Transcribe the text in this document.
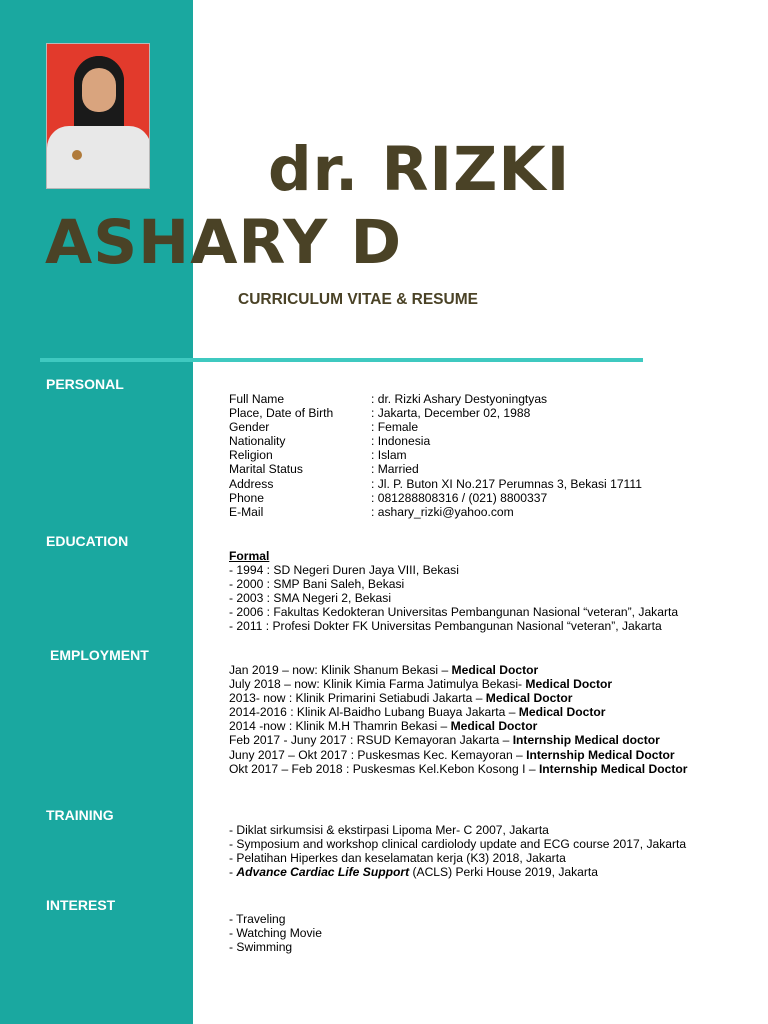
dr. RIZKI
ASHARY D
CURRICULUM VITAE & RESUME
PERSONAL
EDUCATION
EMPLOYMENT
TRAINING
INTEREST
Full Name	: dr. Rizki Ashary Destyoningtyas
Place, Date of Birth	: Jakarta, December 02, 1988
Gender	: Female
Nationality	: Indonesia
Religion	: Islam
Marital Status	: Married
Address	: Jl. P. Buton XI No.217 Perumnas 3, Bekasi 17111
Phone	: 081288808316 / (021) 8800337
E-Mail	: ashary_rizki@yahoo.com
Formal
- 1994 : SD Negeri Duren Jaya VIII, Bekasi
- 2000 : SMP Bani Saleh, Bekasi
- 2003 : SMA Negeri 2, Bekasi
- 2006 : Fakultas Kedokteran Universitas Pembangunan Nasional “veteran”, Jakarta
- 2011 : Profesi Dokter FK Universitas Pembangunan Nasional “veteran”, Jakarta
Jan 2019 – now: Klinik Shanum Bekasi – Medical Doctor
July 2018 – now: Klinik Kimia Farma Jatimulya Bekasi- Medical Doctor
2013- now : Klinik Primarini Setiabudi Jakarta – Medical Doctor
2014-2016 : Klinik Al-Baidho Lubang Buaya Jakarta – Medical Doctor
2014 -now : Klinik M.H Thamrin Bekasi – Medical Doctor
Feb 2017 - Juny 2017 : RSUD Kemayoran Jakarta – Internship Medical doctor
Juny 2017 – Okt 2017 : Puskesmas Kec. Kemayoran – Internship Medical Doctor
Okt 2017 – Feb 2018 : Puskesmas Kel.Kebon Kosong I – Internship Medical Doctor
- Diklat sirkumsisi & ekstirpasi Lipoma Mer- C 2007, Jakarta
- Symposium and workshop clinical cardiolody update and ECG course 2017, Jakarta
- Pelatihan Hiperkes dan keselamatan kerja (K3) 2018, Jakarta
- Advance Cardiac Life Support (ACLS) Perki House 2019, Jakarta
- Traveling
- Watching Movie
- Swimming
